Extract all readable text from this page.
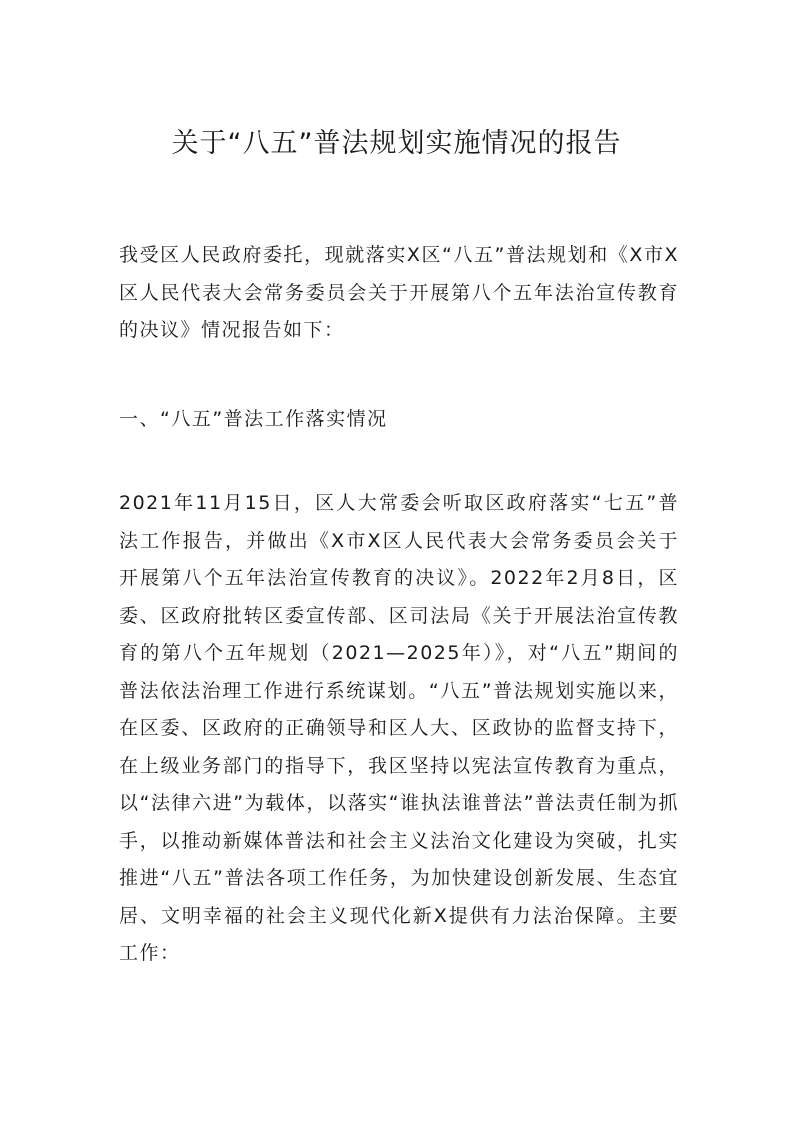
关于“八五”普法规划实施情况的报告

我受区人民政府委托，现就落实X区“八五”普法规划和《X市X区人民代表大会常务委员会关于开展第八个五年法治宣传教育的决议》情况报告如下：

一、“八五”普法工作落实情况

2021年11月15日，区人大常委会听取区政府落实“七五”普法工作报告，并做出《X市X区人民代表大会常务委员会关于开展第八个五年法治宣传教育的决议》。2022年2月8日，区委、区政府批转区委宣传部、区司法局《关于开展法治宣传教育的第八个五年规划（2021—2025年）》，对“八五”期间的普法依法治理工作进行系统谋划。“八五”普法规划实施以来，在区委、区政府的正确领导和区人大、区政协的监督支持下，在上级业务部门的指导下，我区坚持以宪法宣传教育为重点，以“法律六进”为载体，以落实“谁执法谁普法”普法责任制为抓手，以推动新媒体普法和社会主义法治文化建设为突破，扎实推进“八五”普法各项工作任务，为加快建设创新发展、生态宜居、文明幸福的社会主义现代化新X提供有力法治保障。主要工作：
